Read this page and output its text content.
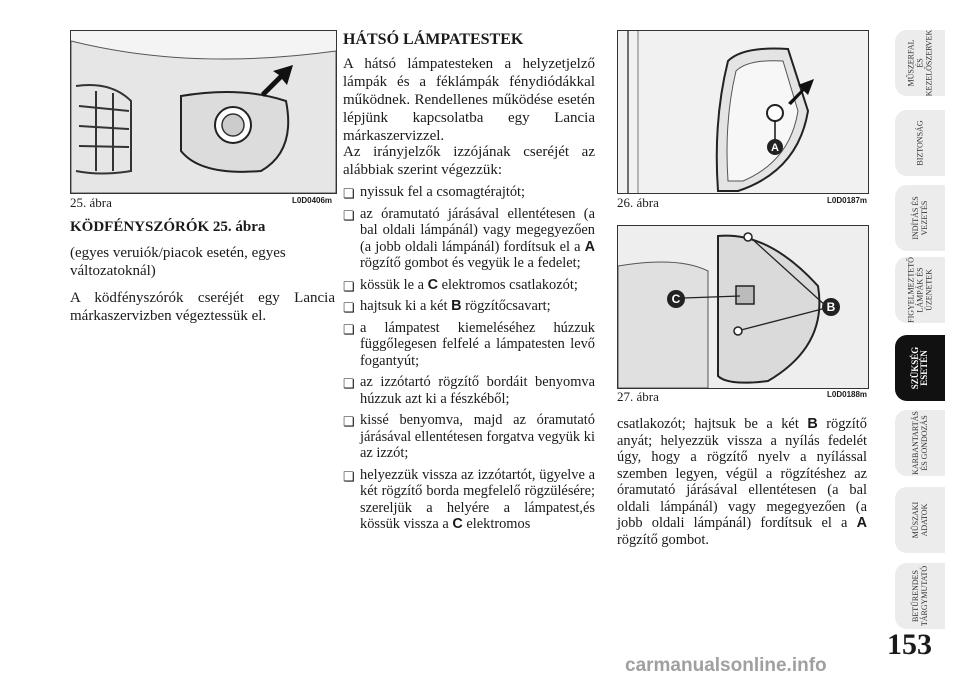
25. ábra	L0D0406m
KÖDFÉNYSZÓRÓK 25. ábra
(egyes veruiók/piacok esetén, egyes változatoknál)
A ködfényszórók cseréjét egy Lancia márkaszervizben végeztessük el.
HÁTSÓ LÁMPATESTEK
A hátsó lámpatesteken a helyzetjelző lámpák és a féklámpák fénydiódákkal működnek. Rendellenes működése esetén lépjünk kapcsolatba egy Lancia márkaszervizzel.
Az irányjelzők izzójának cseréjét az alábbiak szerint végezzük:
❏ nyissuk fel a csomagtérajtót;
❏ az óramutató járásával ellentétesen (a bal oldali lámpánál) vagy megegyezően (a jobb oldali lámpánál) fordítsuk el a A rögzítő gombot és vegyük le a fedelet;
❏ kössük le a C elektromos csatlakozót;
❏ hajtsuk ki a két B rögzítőcsavart;
❏ a lámpatest kiemeléséhez húzzuk függőlegesen felfelé a lámpatesten levő fogantyút;
❏ az izzótartó rögzítő bordáit benyomva húzzuk azt ki a fészkéből;
❏ kissé benyomva, majd az óramutató járásával ellentétesen forgatva vegyük ki az izzót;
❏ helyezzük vissza az izzótartót, ügyelve a két rögzítő borda megfelelő rögzülésére; szereljük a helyére a lámpatest,és kössük vissza a C elektromos
A
26. ábra	L0D0187m
C
B
27. ábra	L0D0188m
csatlakozót; hajtsuk be a két B rögzítő anyát; helyezzük vissza a nyílás fedelét úgy, hogy a rögzítő nyelv a nyílással szemben legyen, végül a rögzítéshez az óramutató járásával ellentétesen (a bal oldali lámpánál) vagy megegyezően (a jobb oldali lámpánál) fordítsuk el a A rögzítő gombot.
MŰSZERFAL
ÉS
KEZELŐSZERVEK
BIZTONSÁG
INDÍTÁS ÉS
VEZETÉS
FIGYELMEZTETŐ
LÁMPÁK ÉS
ÜZENETEK
SZÜKSÉG
ESETÉN
KARBANTARTÁS
ÉS GONDOZÁS
MŰSZAKI
ADATOK
BETŰRENDES
TÁRGYMUTATÓ
153
carmanualsonline.info
